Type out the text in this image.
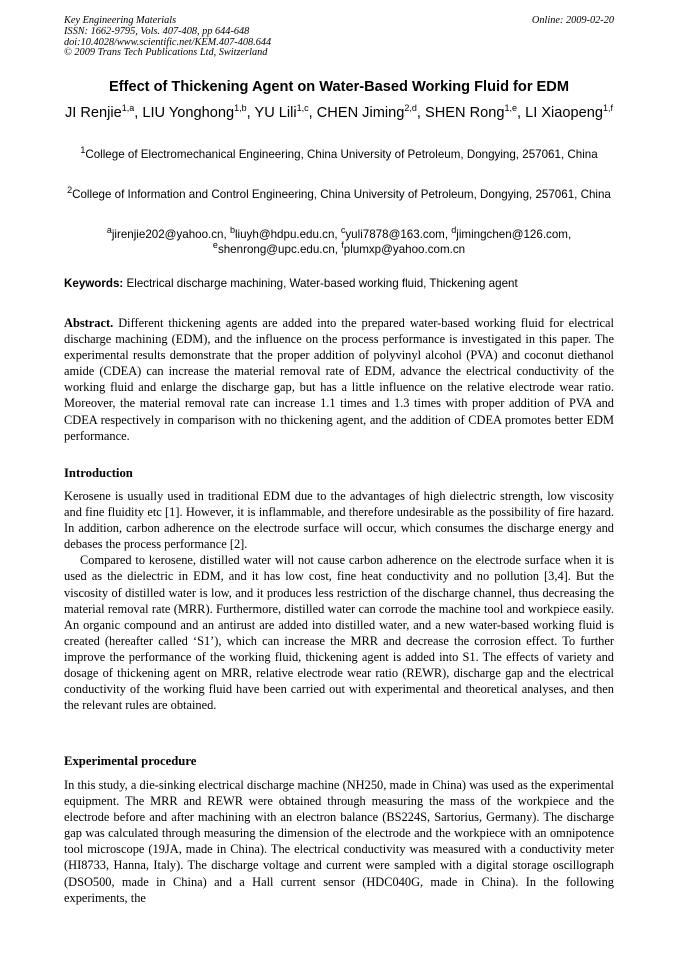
Key Engineering Materials
ISSN: 1662-9795, Vols. 407-408, pp 644-648
doi:10.4028/www.scientific.net/KEM.407-408.644
© 2009 Trans Tech Publications Ltd, Switzerland
Online: 2009-02-20
Effect of Thickening Agent on Water-Based Working Fluid for EDM
JI Renjie$^{1,a}$, LIU Yonghong$^{1,b}$, YU Lili$^{1,c}$, CHEN Jiming$^{2,d}$, SHEN Rong$^{1,e}$, LI Xiaopeng$^{1,f}$
$^1$College of Electromechanical Engineering, China University of Petroleum, Dongying, 257061, China
$^2$College of Information and Control Engineering, China University of Petroleum, Dongying, 257061, China
$^a$jirenjie202@yahoo.cn, $^b$liuyh@hdpu.edu.cn, $^c$yuli7878@163.com, $^d$jimingchen@126.com,
$^e$shenrong@upc.edu.cn, $^f$plumxp@yahoo.com.cn
Keywords: Electrical discharge machining, Water-based working fluid, Thickening agent

Abstract. Different thickening agents are added into the prepared water-based working fluid for electrical discharge machining (EDM), and the influence on the process performance is investigated in this paper. The experimental results demonstrate that the proper addition of polyvinyl alcohol (PVA) and coconut diethanol amide (CDEA) can increase the material removal rate of EDM, advance the electrical conductivity of the working fluid and enlarge the discharge gap, but has a little influence on the relative electrode wear ratio. Moreover, the material removal rate can increase 1.1 times and 1.3 times with proper addition of PVA and CDEA respectively in comparison with no thickening agent, and the addition of CDEA promotes better EDM performance.

Introduction

Kerosene is usually used in traditional EDM due to the advantages of high dielectric strength, low viscosity and fine fluidity etc [1]. However, it is inflammable, and therefore undesirable as the possibility of fire hazard. In addition, carbon adherence on the electrode surface will occur, which consumes the discharge energy and debases the process performance [2].

Compared to kerosene, distilled water will not cause carbon adherence on the electrode surface when it is used as the dielectric in EDM, and it has low cost, fine heat conductivity and no pollution [3,4]. But the viscosity of distilled water is low, and it produces less restriction of the discharge channel, thus decreasing the material removal rate (MRR). Furthermore, distilled water can corrode the machine tool and workpiece easily. An organic compound and an antirust are added into distilled water, and a new water-based working fluid is created (hereafter called ‘S1’), which can increase the MRR and decrease the corrosion effect. To further improve the performance of the working fluid, thickening agent is added into S1. The effects of variety and dosage of thickening agent on MRR, relative electrode wear ratio (REWR), discharge gap and the electrical conductivity of the working fluid have been carried out with experimental and theoretical analyses, and then the relevant rules are obtained.

Experimental procedure

In this study, a die-sinking electrical discharge machine (NH250, made in China) was used as the experimental equipment. The MRR and REWR were obtained through measuring the mass of the workpiece and the electrode before and after machining with an electron balance (BS224S, Sartorius, Germany). The discharge gap was calculated through measuring the dimension of the electrode and the workpiece with an omnipotence tool microscope (19JA, made in China). The electrical conductivity was measured with a conductivity meter (HI8733, Hanna, Italy). The discharge voltage and current were sampled with a digital storage oscillograph (DSO500, made in China) and a Hall current sensor (HDC040G, made in China). In the following experiments, the
